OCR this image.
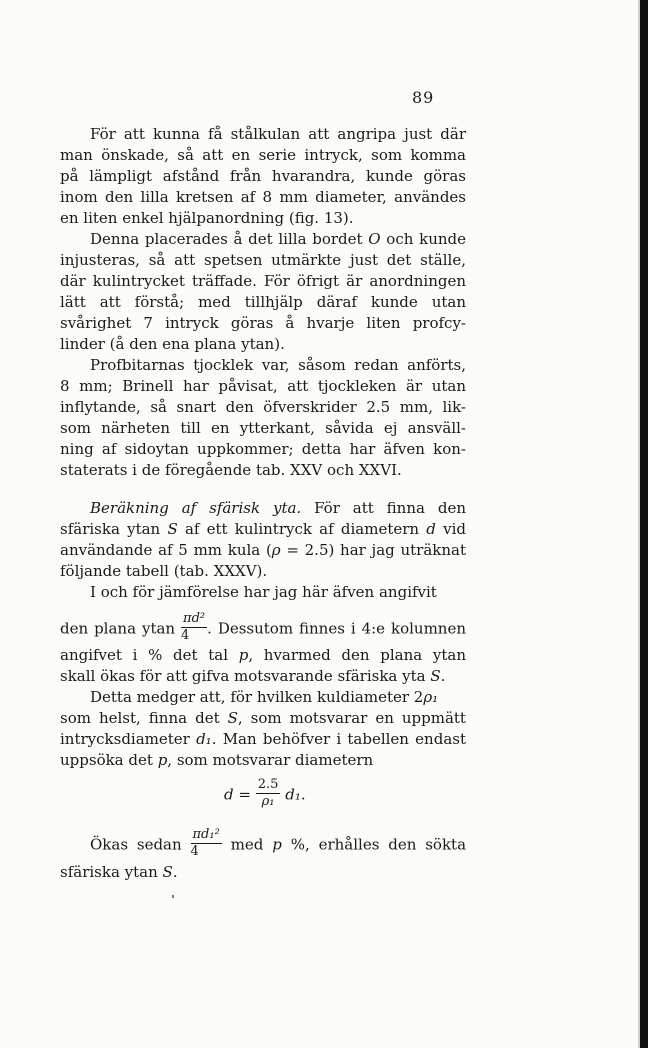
89
För att kunna få stålkulan att angripa just där
man önskade, så att en serie intryck, som komma
på lämpligt afstånd från hvarandra, kunde göras
inom den lilla kretsen af 8 mm diameter, användes
en liten enkel hjälpanordning (fig. 13).
Denna placerades å det lilla bordet O och kunde
injusteras, så att spetsen utmärkte just det ställe,
där kulintrycket träffade. För öfrigt är anordningen
lätt att förstå; med tillhjälp däraf kunde utan
svårighet 7 intryck göras å hvarje liten profcy-
linder (å den ena plana ytan).
Profbitarnas tjocklek var, såsom redan anförts,
8 mm; Brinell har påvisat, att tjockleken är utan
inflytande, så snart den öfverskrider 2.5 mm, lik-
som närheten till en ytterkant, såvida ej ansväll-
ning af sidoytan uppkommer; detta har äfven kon-
staterats i de föregående tab. XXV och XXVI.
Beräkning af sfärisk yta. För att finna den
sfäriska ytan S af ett kulintryck af diametern d vid
användande af 5 mm kula (ρ = 2.5) har jag uträknat
följande tabell (tab. XXXV).
I och för jämförelse har jag här äfven angifvit
den plana ytan $\frac{\text{πd²}}{4}$ . Dessutom finnes i 4:e kolumnen
angifvet i % det tal p, hvarmed den plana ytan
skall ökas för att gifva motsvarande sfäriska yta S.
Detta medger att, för hvilken kuldiameter 2ρ₁
som helst, finna det S, som motsvarar en uppmätt
intrycksdiameter d₁. Man behöfver i tabellen endast
uppsöka det p, som motsvarar diametern
$d = \frac{2.5}{\text{ρ₁}} d_1$.
Ökas sedan $\frac{\text{πd₁²}}{4}$ med p %, erhålles den sökta
sfäriska ytan S.
